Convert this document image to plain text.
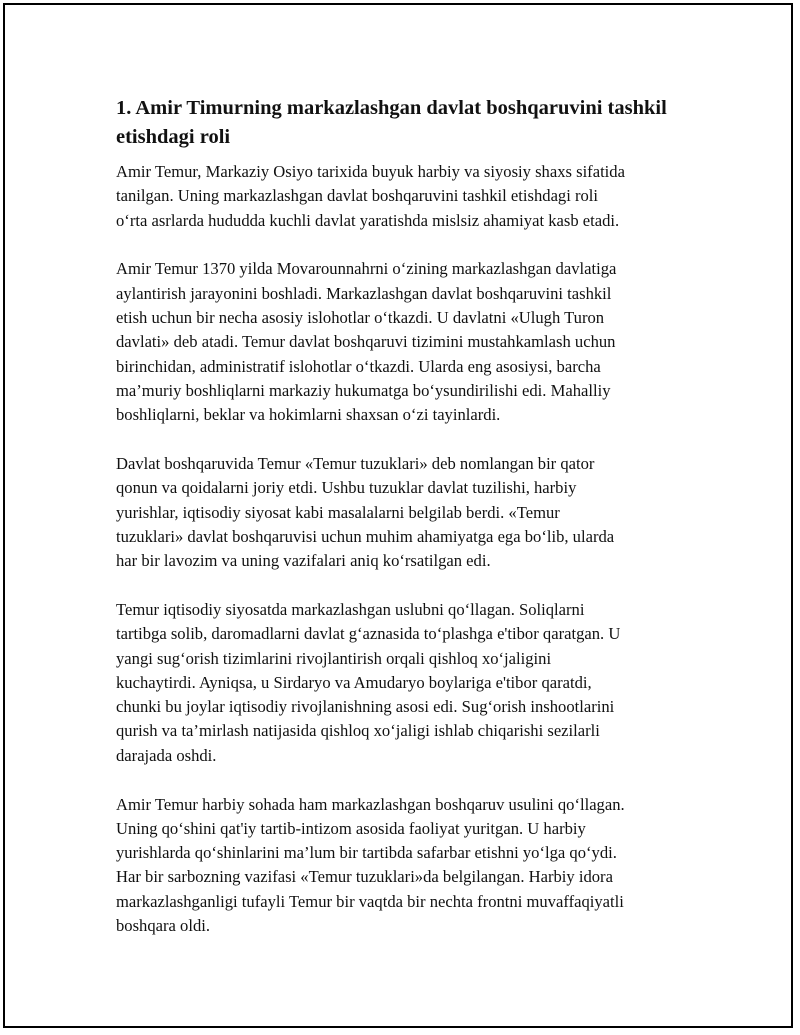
1. Amir Timurning markazlashgan davlat boshqaruvini tashkil etishdagi roli

Amir Temur, Markaziy Osiyo tarixida buyuk harbiy va siyosiy shaxs sifatida
tanilgan. Uning markazlashgan davlat boshqaruvini tashkil etishdagi roli
o‘rta asrlarda hududda kuchli davlat yaratishda mislsiz ahamiyat kasb etadi.

Amir Temur 1370 yilda Movarounnahrni o‘zining markazlashgan davlatiga
aylantirish jarayonini boshladi. Markazlashgan davlat boshqaruvini tashkil
etish uchun bir necha asosiy islohotlar o‘tkazdi. U davlatni «Ulugh Turon
davlati» deb atadi. Temur davlat boshqaruvi tizimini mustahkamlash uchun
birinchidan, administratif islohotlar o‘tkazdi. Ularda eng asosiysi, barcha
ma’muriy boshliqlarni markaziy hukumatga bo‘ysundirilishi edi. Mahalliy
boshliqlarni, beklar va hokimlarni shaxsan o‘zi tayinlardi.

Davlat boshqaruvida Temur «Temur tuzuklari» deb nomlangan bir qator
qonun va qoidalarni joriy etdi. Ushbu tuzuklar davlat tuzilishi, harbiy
yurishlar, iqtisodiy siyosat kabi masalalarni belgilab berdi. «Temur
tuzuklari» davlat boshqaruvisi uchun muhim ahamiyatga ega bo‘lib, ularda
har bir lavozim va uning vazifalari aniq ko‘rsatilgan edi.

Temur iqtisodiy siyosatda markazlashgan uslubni qo‘llagan. Soliqlarni
tartibga solib, daromadlarni davlat g‘aznasida to‘plashga e'tibor qaratgan. U
yangi sug‘orish tizimlarini rivojlantirish orqali qishloq xo‘jaligini
kuchaytirdi. Ayniqsa, u Sirdaryo va Amudaryo boylariga e'tibor qaratdi,
chunki bu joylar iqtisodiy rivojlanishning asosi edi. Sug‘orish inshootlarini
qurish va ta’mirlash natijasida qishloq xo‘jaligi ishlab chiqarishi sezilarli
darajada oshdi.

Amir Temur harbiy sohada ham markazlashgan boshqaruv usulini qo‘llagan.
Uning qo‘shini qat'iy tartib-intizom asosida faoliyat yuritgan. U harbiy
yurishlarda qo‘shinlarini ma’lum bir tartibda safarbar etishni yo‘lga qo‘ydi.
Har bir sarbozning vazifasi «Temur tuzuklari»da belgilangan. Harbiy idora
markazlashganligi tufayli Temur bir vaqtda bir nechta frontni muvaffaqiyatli
boshqara oldi.
